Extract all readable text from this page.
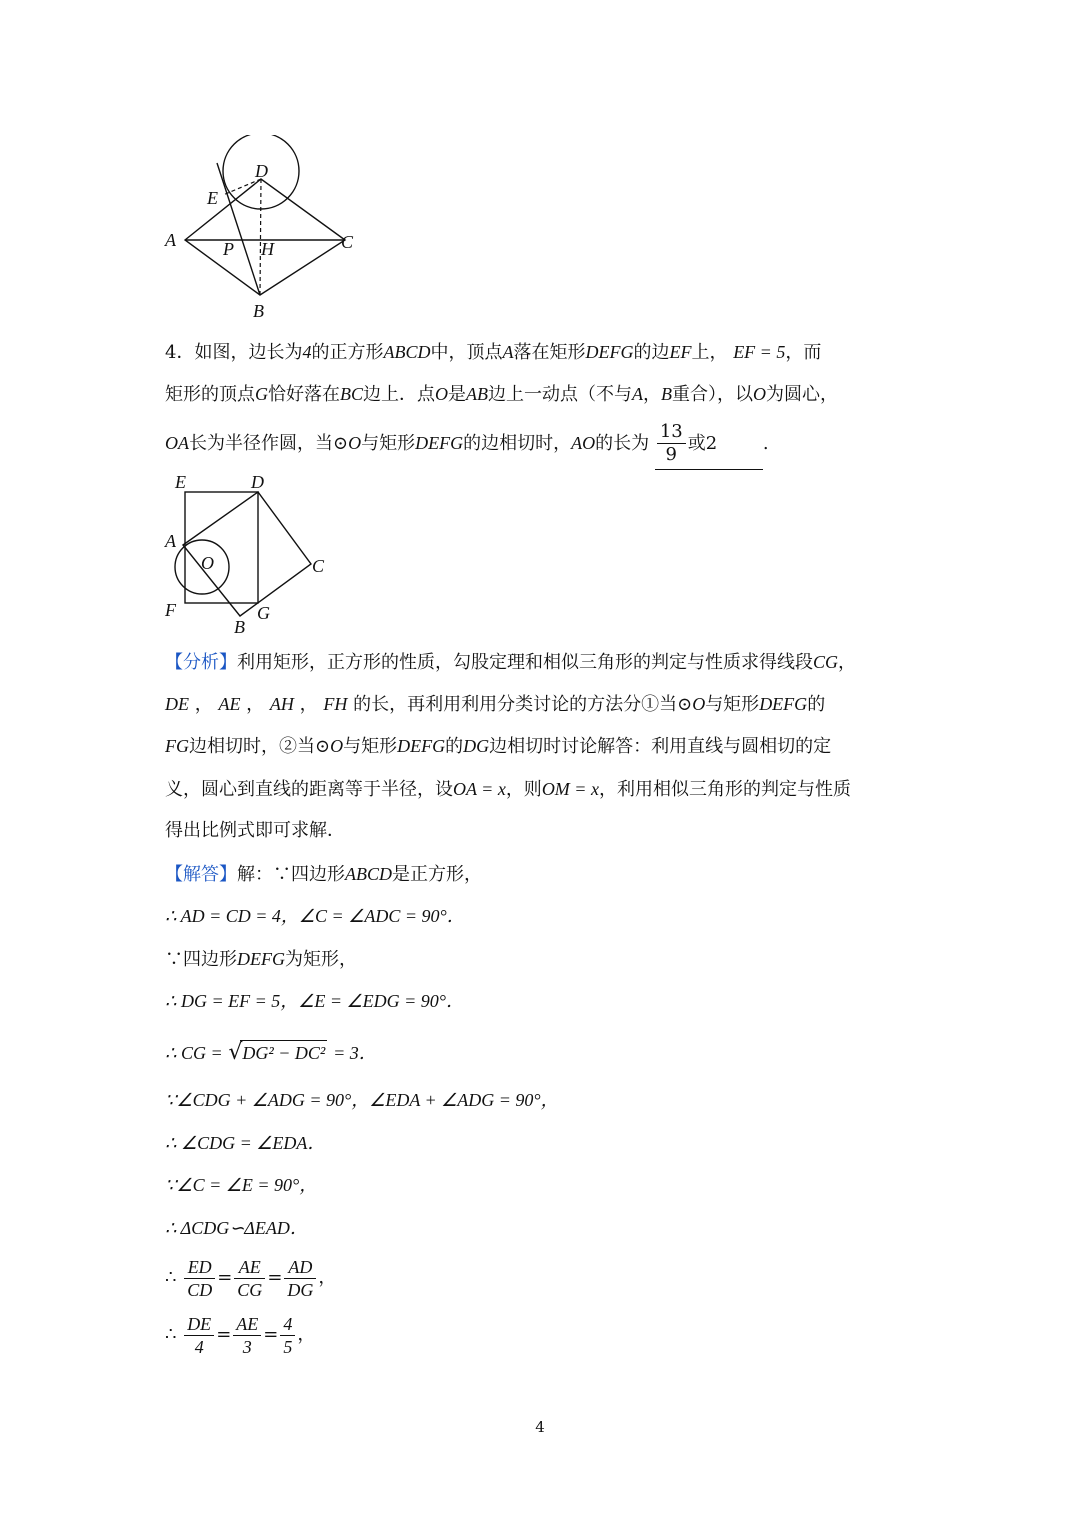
D
E
A	P H	C
B
4．如图，边长为4的正方形ABCD中，顶点A落在矩形DEFG的边EF上， EF = 5，而
矩形的顶点G恰好落在BC边上．点O是AB边上一动点（不与A，B重合），以O为圆心，
OA长为半径作圆，当⊙O与矩形DEFG的边相切时，AO的长为 $\frac{13}{9}$ 或2	.
E	D
A
O	C
F	G
B
【分析】利用矩形，正方形的性质，勾股定理和相似三角形的判定与性质求得线段CG，
DE ， AE ， AH ， FH 的长，再利用利用分类讨论的方法分①当⊙O与矩形DEFG的
FG边相切时，②当⊙O与矩形DEFG的DG边相切时讨论解答：利用直线与圆相切的定
义，圆心到直线的距离等于半径，设OA = x，则OM = x，利用相似三角形的判定与性质
得出比例式即可求解．
【解答】解：∵四边形ABCD是正方形，
∴ AD = CD = 4，∠C = ∠ADC = 90°．
∵四边形DEFG为矩形，
∴ DG = EF = 5，∠E = ∠EDG = 90°．
∴ CG = √DG² − DC² = 3．
∵∠CDG + ∠ADG = 90°，∠EDA + ∠ADG = 90°，
∴ ∠CDG = ∠EDA．
∵∠C = ∠E = 90°，
∴ ΔCDG∽ΔEAD．
∴ $\frac{ED}{CD} = \frac{AE}{CG} = \frac{AD}{DG}$ ，
∴ $\frac{DE}{4} = \frac{AE}{3} = \frac{4}{5}$ ，
4
